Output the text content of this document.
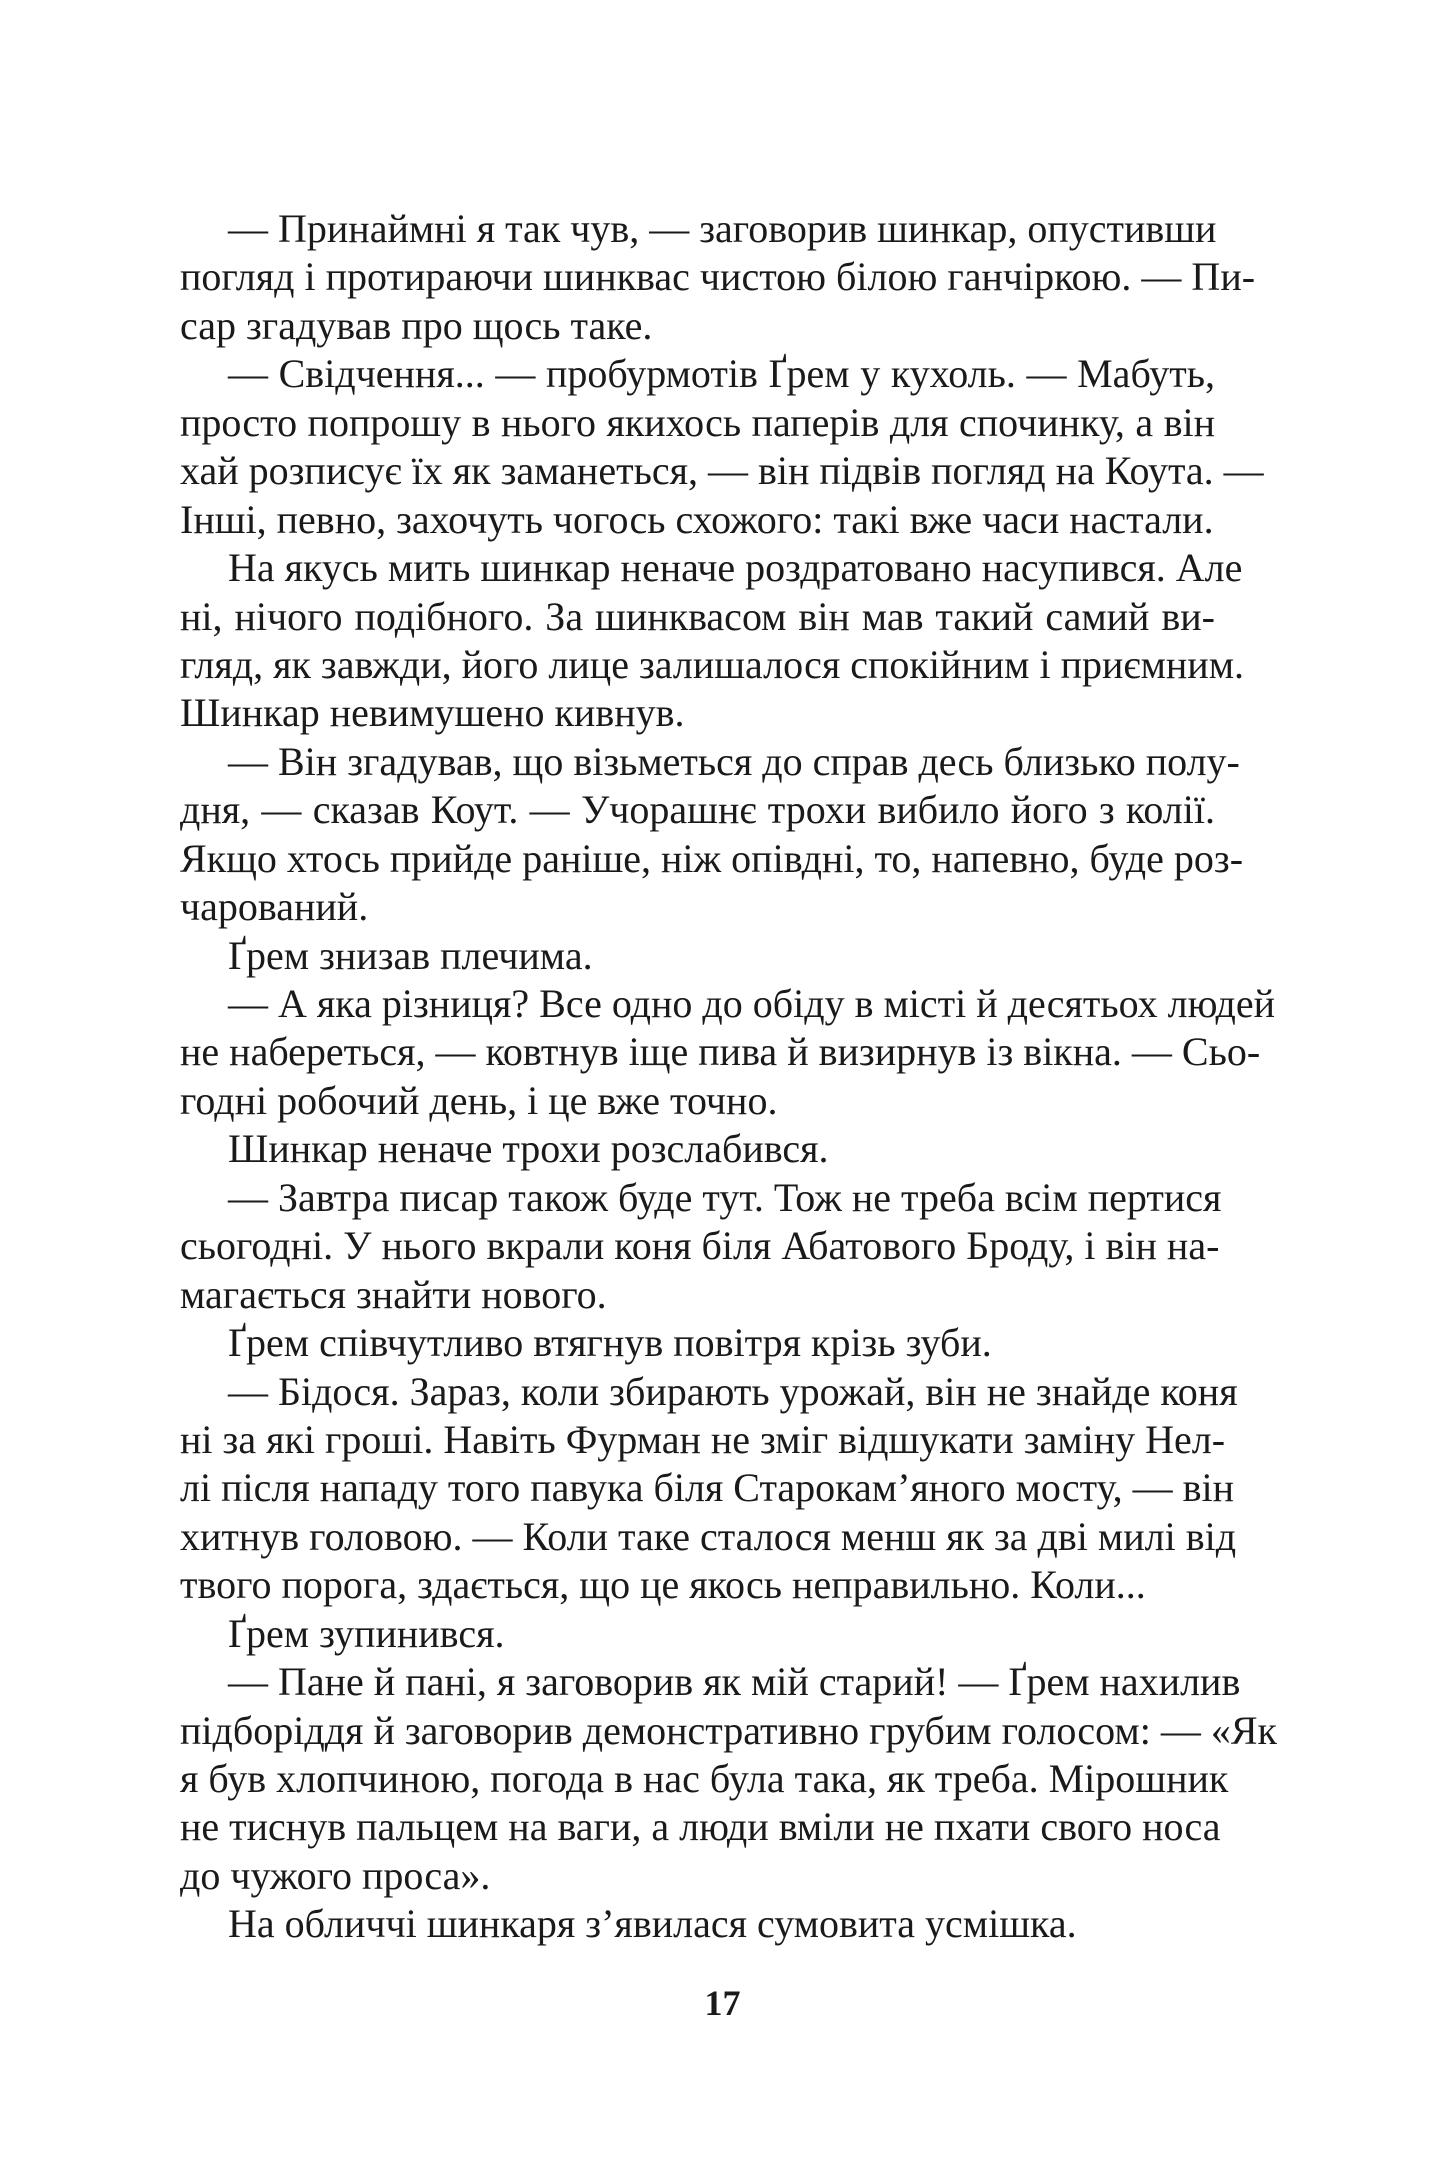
— Принаймні я так чув, — заговорив шинкар, опустивши
погляд і протираючи шинквас чистою білою ганчіркою. — Пи-
сар згадував про щось таке.
— Свідчення... — пробурмотів Ґрем у кухоль. — Мабуть,
просто попрошу в нього якихось паперів для спочинку, а він
хай розписує їх як заманеться, — він підвів погляд на Коута. —
Інші, певно, захочуть чогось схожого: такі вже часи настали.
На якусь мить шинкар неначе роздратовано насупився. Але
ні, нічого подібного. За шинквасом він мав такий самий ви-
гляд, як завжди, його лице залишалося спокійним і приємним.
Шинкар невимушено кивнув.
— Він згадував, що візьметься до справ десь близько полу-
дня, — сказав Коут. — Учорашнє трохи вибило його з колії.
Якщо хтось прийде раніше, ніж опівдні, то, напевно, буде роз-
чарований.
Ґрем знизав плечима.
— А яка різниця? Все одно до обіду в місті й десятьох людей
не набереться, — ковтнув іще пива й визирнув із вікна. — Сьо-
годні робочий день, і це вже точно.
Шинкар неначе трохи розслабився.
— Завтра писар також буде тут. Тож не треба всім пертися
сьогодні. У нього вкрали коня біля Абатового Броду, і він на-
магається знайти нового.
Ґрем співчутливо втягнув повітря крізь зуби.
— Бідося. Зараз, коли збирають урожай, він не знайде коня
ні за які гроші. Навіть Фурман не зміг відшукати заміну Нел-
лі після нападу того павука біля Старокам’яного мосту, — він
хитнув головою. — Коли таке сталося менш як за дві милі від
твого порога, здається, що це якось неправильно. Коли...
Ґрем зупинився.
— Пане й пані, я заговорив як мій старий! — Ґрем нахилив
підборіддя й заговорив демонстративно грубим голосом: — «Як
я був хлопчиною, погода в нас була така, як треба. Мірошник
не тиснув пальцем на ваги, а люди вміли не пхати свого носа
до чужого проса».
На обличчі шинкаря з’явилася сумовита усмішка.
17
